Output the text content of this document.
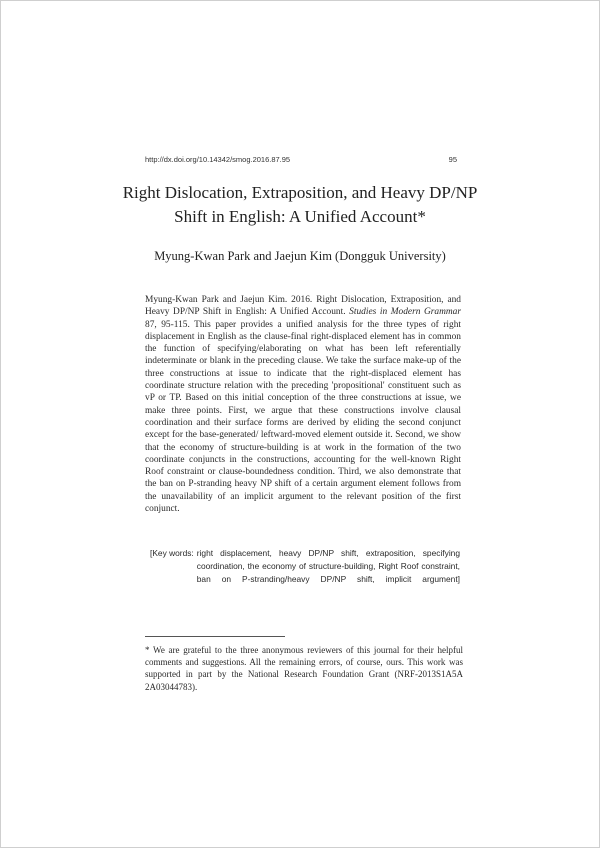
http://dx.doi.org/10.14342/smog.2016.87.95	95
Right Dislocation, Extraposition, and Heavy DP/NP
Shift in English: A Unified Account*
Myung-Kwan Park and Jaejun Kim (Dongguk University)
Myung-Kwan Park and Jaejun Kim. 2016. Right Dislocation, Extraposition, and Heavy DP/NP Shift in English: A Unified Account. Studies in Modern Grammar 87, 95-115. This paper provides a unified analysis for the three types of right displacement in English as the clause-final right-displaced element has in common the function of specifying/elaborating on what has been left referentially indeterminate or blank in the preceding clause. We take the surface make-up of the three constructions at issue to indicate that the right-displaced element has coordinate structure relation with the preceding 'propositional' constituent such as vP or TP. Based on this initial conception of the three constructions at issue, we make three points. First, we argue that these constructions involve clausal coordination and their surface forms are derived by eliding the second conjunct except for the base-generated/ leftward-moved element outside it. Second, we show that the economy of structure-building is at work in the formation of the two coordinate conjuncts in the constructions, accounting for the well-known Right Roof constraint or clause-boundedness condition. Third, we also demonstrate that the ban on P-stranding heavy NP shift of a certain argument element follows from the unavailability of an implicit argument to the relevant position of the first conjunct.
[Key words: right displacement, heavy DP/NP shift, extraposition, specifying coordination, the economy of structure-building, Right Roof constraint, ban on P-stranding/heavy DP/NP shift, implicit argument]
* We are grateful to the three anonymous reviewers of this journal for their helpful comments and suggestions. All the remaining errors, of course, ours. This work was supported in part by the National Research Foundation Grant (NRF-2013S1A5A 2A03044783).
